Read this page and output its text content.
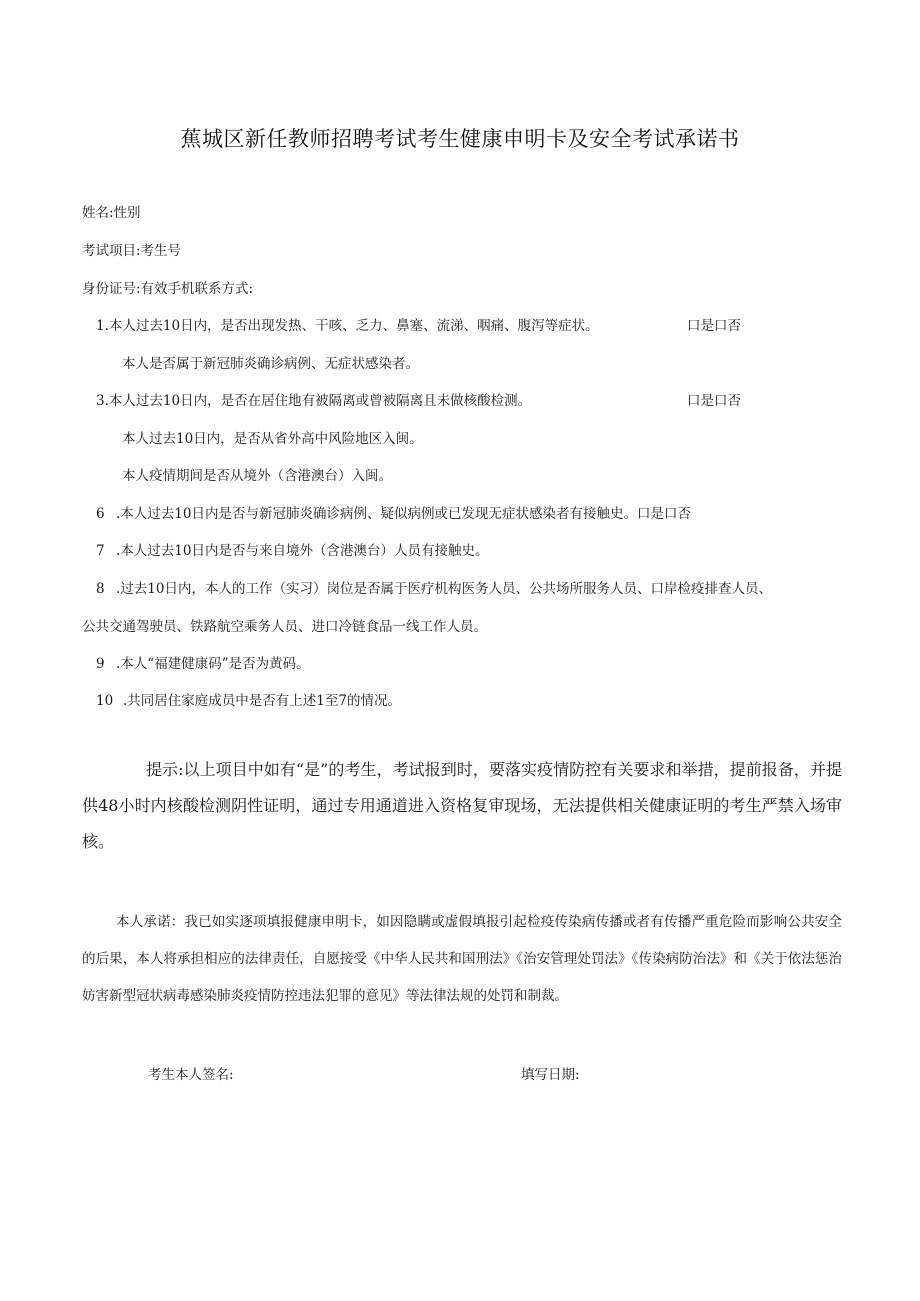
蕉城区新任教师招聘考试考生健康申明卡及安全考试承诺书
姓名:性别
考试项目:考生号
身份证号:有效手机联系方式:
1.本人过去10日内，是否出现发热、干咳、乏力、鼻塞、流涕、咽痛、腹泻等症状。	口是口否
本人是否属于新冠肺炎确诊病例、无症状感染者。
3.本人过去10日内，是否在居住地有被隔离或曾被隔离且未做核酸检测。	口是口否
本人过去10日内，是否从省外高中风险地区入闽。
本人疫情期间是否从境外（含港澳台）入闽。
6 .本人过去10日内是否与新冠肺炎确诊病例、疑似病例或已发现无症状感染者有接触史。口是口否
7 .本人过去10日内是否与来自境外（含港澳台）人员有接触史。
8 .过去10日内，本人的工作（实习）岗位是否属于医疗机构医务人员、公共场所服务人员、口岸检疫排查人员、
公共交通驾驶员、铁路航空乘务人员、进口冷链食品一线工作人员。
9 .本人“福建健康码”是否为黄码。
10 .共同居住家庭成员中是否有上述1至7的情况。
提示:以上项目中如有“是”的考生，考试报到时，要落实疫情防控有关要求和举措，提前报备，并提供48小时内核酸检测阴性证明，通过专用通道进入资格复审现场，无法提供相关健康证明的考生严禁入场审核。
本人承诺：我已如实逐项填报健康申明卡，如因隐瞒或虚假填报引起检疫传染病传播或者有传播严重危险而影响公共安全的后果，本人将承担相应的法律责任，自愿接受《中华人民共和国刑法》《治安管理处罚法》《传染病防治法》和《关于依法惩治妨害新型冠状病毒感染肺炎疫情防控违法犯罪的意见》等法律法规的处罚和制裁。
考生本人签名:	填写日期:
